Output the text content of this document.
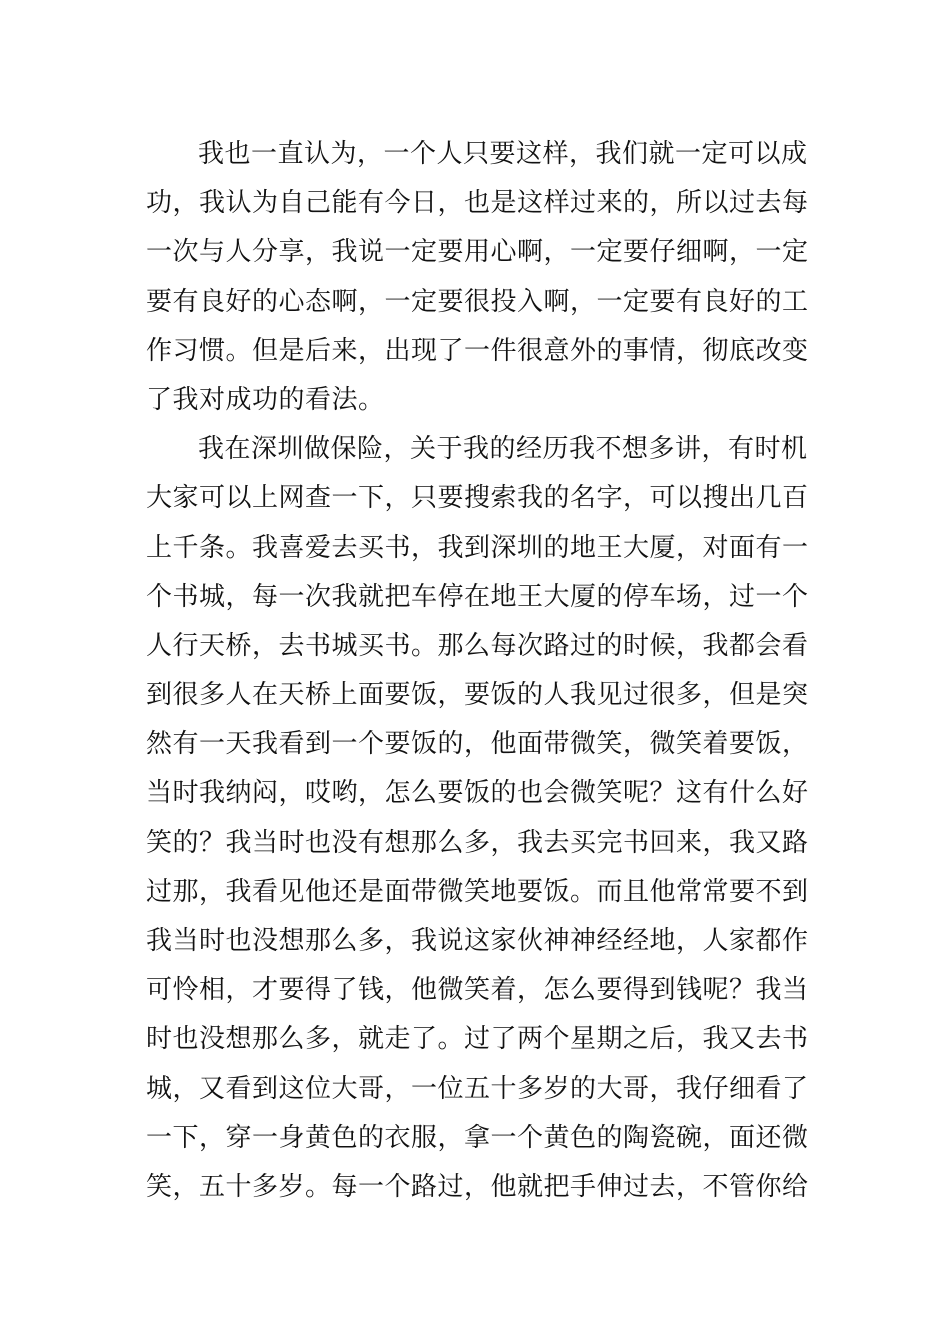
我也一直认为，一个人只要这样，我们就一定可以成
功，我认为自己能有今日，也是这样过来的，所以过去每
一次与人分享，我说一定要用心啊，一定要仔细啊，一定
要有良好的心态啊，一定要很投入啊，一定要有良好的工
作习惯。但是后来，出现了一件很意外的事情，彻底改变
了我对成功的看法。
我在深圳做保险，关于我的经历我不想多讲，有时机
大家可以上网查一下，只要搜索我的名字，可以搜出几百
上千条。我喜爱去买书，我到深圳的地王大厦，对面有一
个书城，每一次我就把车停在地王大厦的停车场，过一个
人行天桥，去书城买书。那么每次路过的时候，我都会看
到很多人在天桥上面要饭，要饭的人我见过很多，但是突
然有一天我看到一个要饭的，他面带微笑，微笑着要饭，
当时我纳闷，哎哟，怎么要饭的也会微笑呢？这有什么好
笑的？我当时也没有想那么多，我去买完书回来，我又路
过那，我看见他还是面带微笑地要饭。而且他常常要不到
我当时也没想那么多，我说这家伙神神经经地，人家都作
可怜相，才要得了钱，他微笑着，怎么要得到钱呢？我当
时也没想那么多，就走了。过了两个星期之后，我又去书
城，又看到这位大哥，一位五十多岁的大哥，我仔细看了
一下，穿一身黄色的衣服，拿一个黄色的陶瓷碗，面还微
笑，五十多岁。每一个路过，他就把手伸过去，不管你给
